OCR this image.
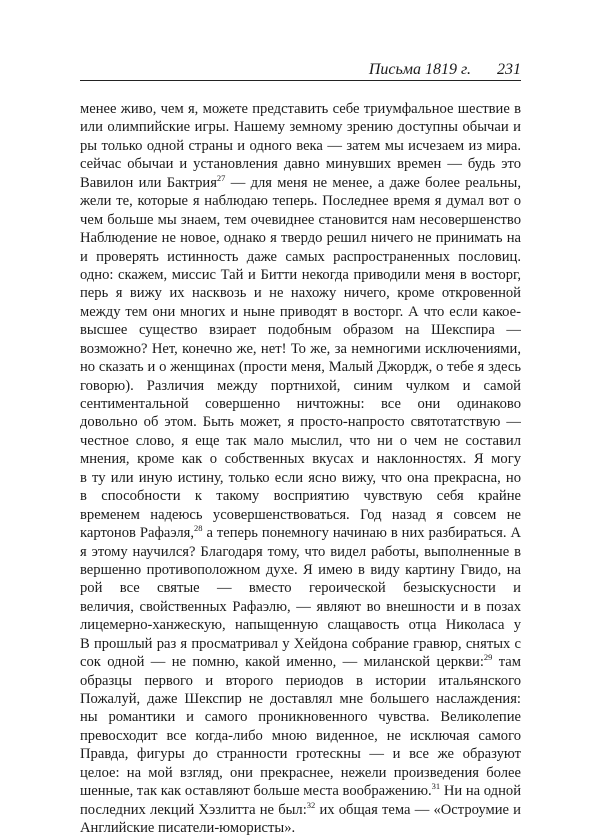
Письма 1819 г. 231
менее живо, чем я, можете представить себе триумфальное шествие в
или олимпийские игры. Нашему земному зрению доступны обычаи и
ры только одной страны и одного века — затем мы исчезаем из мира.
сейчас обычаи и установления давно минувших времен — будь это
Вавилон или Бактрия$^{27}$ — для меня не менее, а даже более реальны,
жели те, которые я наблюдаю теперь. Последнее время я думал вот о
чем больше мы знаем, тем очевиднее становится нам несовершенство
Наблюдение не новое, однако я твердо решил ничего не принимать на
и проверять истинность даже самых распространенных пословиц.
одно: скажем, миссис Тай и Битти некогда приводили меня в восторг,
перь я вижу их насквозь и не нахожу ничего, кроме откровенной
между тем они многих и ныне приводят в восторг. А что если какое-
высшее существо взирает подобным образом на Шекспира —
возможно? Нет, конечно же, нет! То же, за немногими исключениями,
но сказать и о женщинах (прости меня, Малый Джордж, о тебе я здесь
говорю). Различия между портнихой, синим чулком и самой
сентиментальной совершенно ничтожны: все они одинаково
довольно об этом. Быть может, я просто-напросто святотатствую —
честное слово, я еще так мало мыслил, что ни о чем не составил
мнения, кроме как о собственных вкусах и наклонностях. Я могу
в ту или иную истину, только если ясно вижу, что она прекрасна, но
в способности к такому восприятию чувствую себя крайне
временем надеюсь усовершенствоваться. Год назад я совсем не
картонов Рафаэля,$^{28}$ а теперь понемногу начинаю в них разбираться. А
я этому научился? Благодаря тому, что видел работы, выполненные в
вершенно противоположном духе. Я имею в виду картину Гвидо, на
рой все святые — вместо героической безыскусности и
величия, свойственных Рафаэлю, — являют во внешности и в позах
лицемерно-ханжескую, напыщенную слащавость отца Николаса у
В прошлый раз я просматривал у Хейдона собрание гравюр, снятых с
сок одной — не помню, какой именно, — миланской церкви:$^{29}$ там
образцы первого и второго периодов в истории итальянского
Пожалуй, даже Шекспир не доставлял мне большего наслаждения:
ны романтики и самого проникновенного чувства. Великолепие
превосходит все когда-либо мною виденное, не исключая самого
Правда, фигуры до странности гротескны — и все же образуют
целое: на мой взгляд, они прекраснее, нежели произведения более
шенные, так как оставляют больше места воображению.$^{31}$ Ни на одной
последних лекций Хэзлитта не был:$^{32}$ их общая тема — «Остроумие и
Английские писатели-юмористы».
